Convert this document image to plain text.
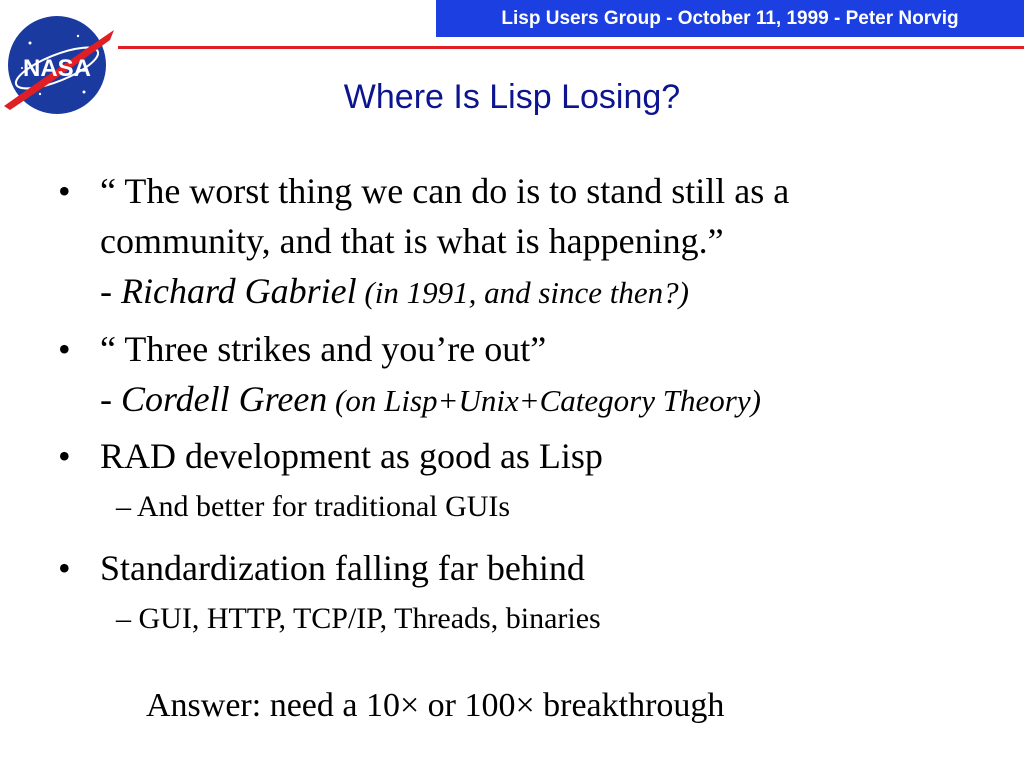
Lisp Users Group - October 11, 1999 - Peter Norvig
NASA
Where Is Lisp Losing?
• “ The worst thing we can do is to stand still as a
community, and that is what is happening.”
- Richard Gabriel (in 1991, and since then?)
• “ Three strikes and you’re out”
- Cordell Green (on Lisp+Unix+Category Theory)
• RAD development as good as Lisp
• Standardization falling far behind
– And better for traditional GUIs
– GUI, HTTP, TCP/IP, Threads, binaries
Answer: need a 10× or 100× breakthrough
